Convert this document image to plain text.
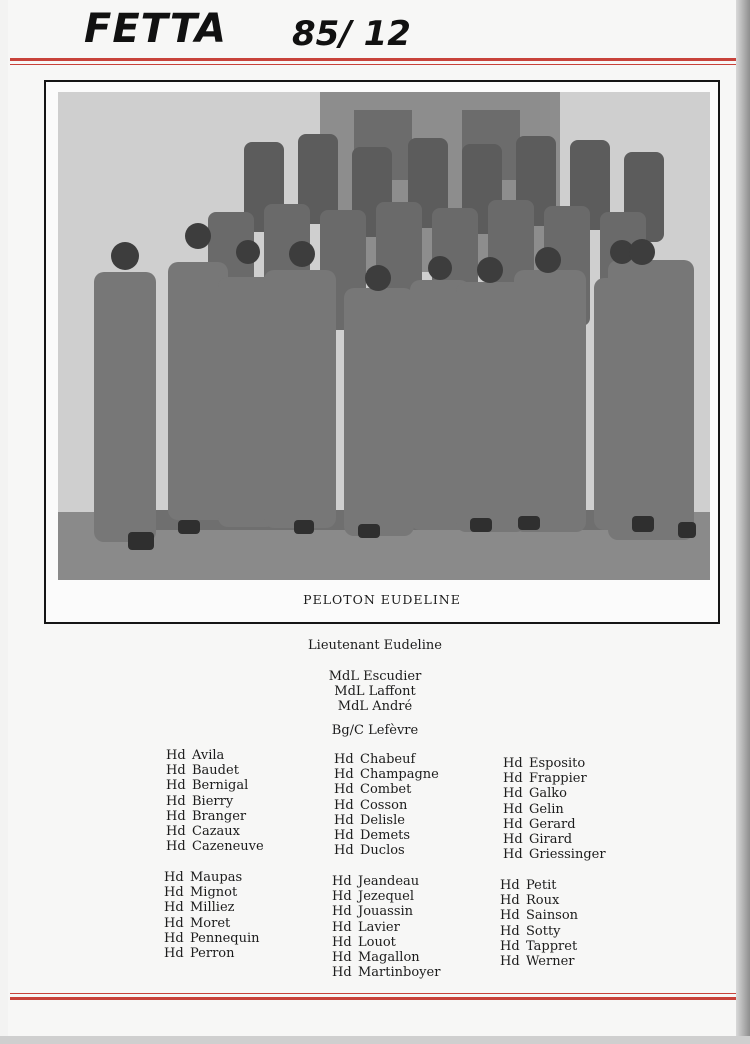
FETTA 85/ 12
PELOTON EUDELINE
Lieutenant Eudeline
MdL Escudier
MdL Laffont
MdL André
Bg/C Lefèvre
Hd Avila
Hd Baudet
Hd Bernigal
Hd Bierry
Hd Branger
Hd Cazaux
Hd Cazeneuve
Hd Maupas
Hd Mignot
Hd Milliez
Hd Moret
Hd Pennequin
Hd Perron
Hd Chabeuf
Hd Champagne
Hd Combet
Hd Cosson
Hd Delisle
Hd Demets
Hd Duclos
Hd Jeandeau
Hd Jezequel
Hd Jouassin
Hd Lavier
Hd Louot
Hd Magallon
Hd Martinboyer
Hd Esposito
Hd Frappier
Hd Galko
Hd Gelin
Hd Gerard
Hd Girard
Hd Griessinger
Hd Petit
Hd Roux
Hd Sainson
Hd Sotty
Hd Tappret
Hd Werner
